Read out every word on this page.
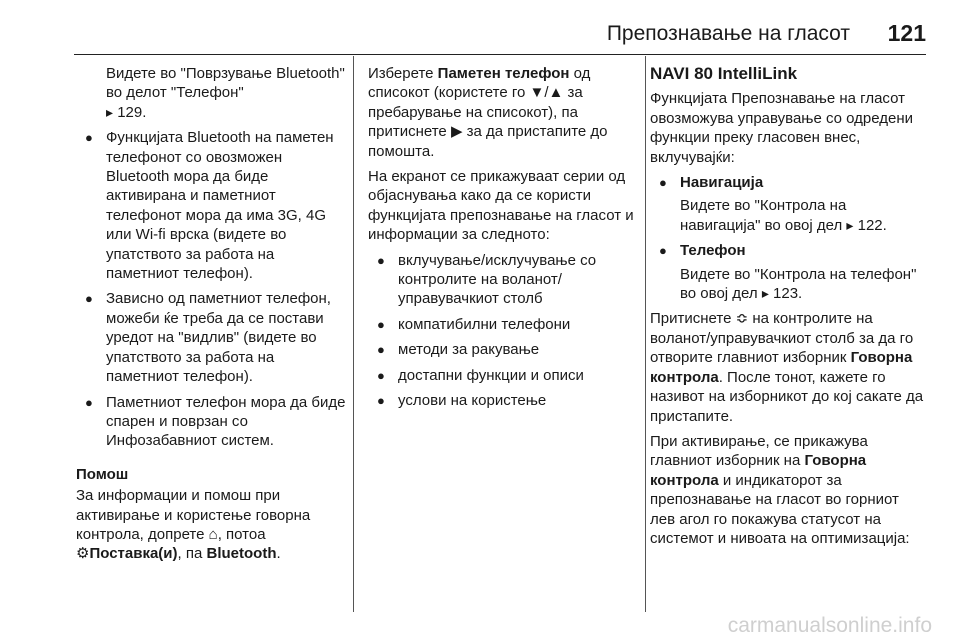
Препознавање на гласот 121

Видете во "Поврзување Bluetooth" во делот "Телефон"
▸ 129.

● Функцијата Bluetooth на паметен телефонот со овозможен Bluetooth мора да биде активирана и паметниот телефонот мора да има 3G, 4G или Wi-fi врска (видете во упатството за работа на паметниот телефон).
● Зависно од паметниот телефон, можеби ќе треба да се постави уредот на "видлив" (видете во упатството за работа на паметниот телефон).
● Паметниот телефон мора да биде спарен и поврзан со Инфозабавниот систем.
Помош

За информации и помош при активирање и користење говорна контрола, допрете ⌂, потоа
⚙Поставка(и), па Bluetooth.

Изберете Паметен телефон од списокот (користете го ▼/▲ за пребарување на списокот), па притиснете ▶ за да пристапите до помошта.

На екранот се прикажуваат серии од објаснувања како да се користи функцијата препознавање на гласот и информации за следното:

● вклучување/исклучување со контролите на воланот/управувачкиот столб
● компатибилни телефони
● методи за ракување
● достапни функции и описи
● услови на користење
NAVI 80 IntelliLink

Функцијата Препознавање на гласот овозможува управување со одредени функции преку гласовен внес, вклучувајќи:

● Навигација
Видете во "Контрола на навигација" во овој дел ▸ 122.
● Телефон
Видете во "Контрола на телефон" во овој дел ▸ 123.

Притиснете ≎ на контролите на воланот/управувачкиот столб за да го отворите главниот изборник Говорна контрола. После тонот, кажете го називот на изборникот до кој сакате да пристапите.

При активирање, се прикажува главниот изборник на Говорна контрола и индикаторот за препознавање на гласот во горниот лев агол го покажува статусот на системот и нивоата на оптимизација:

carmanualsonline.info
